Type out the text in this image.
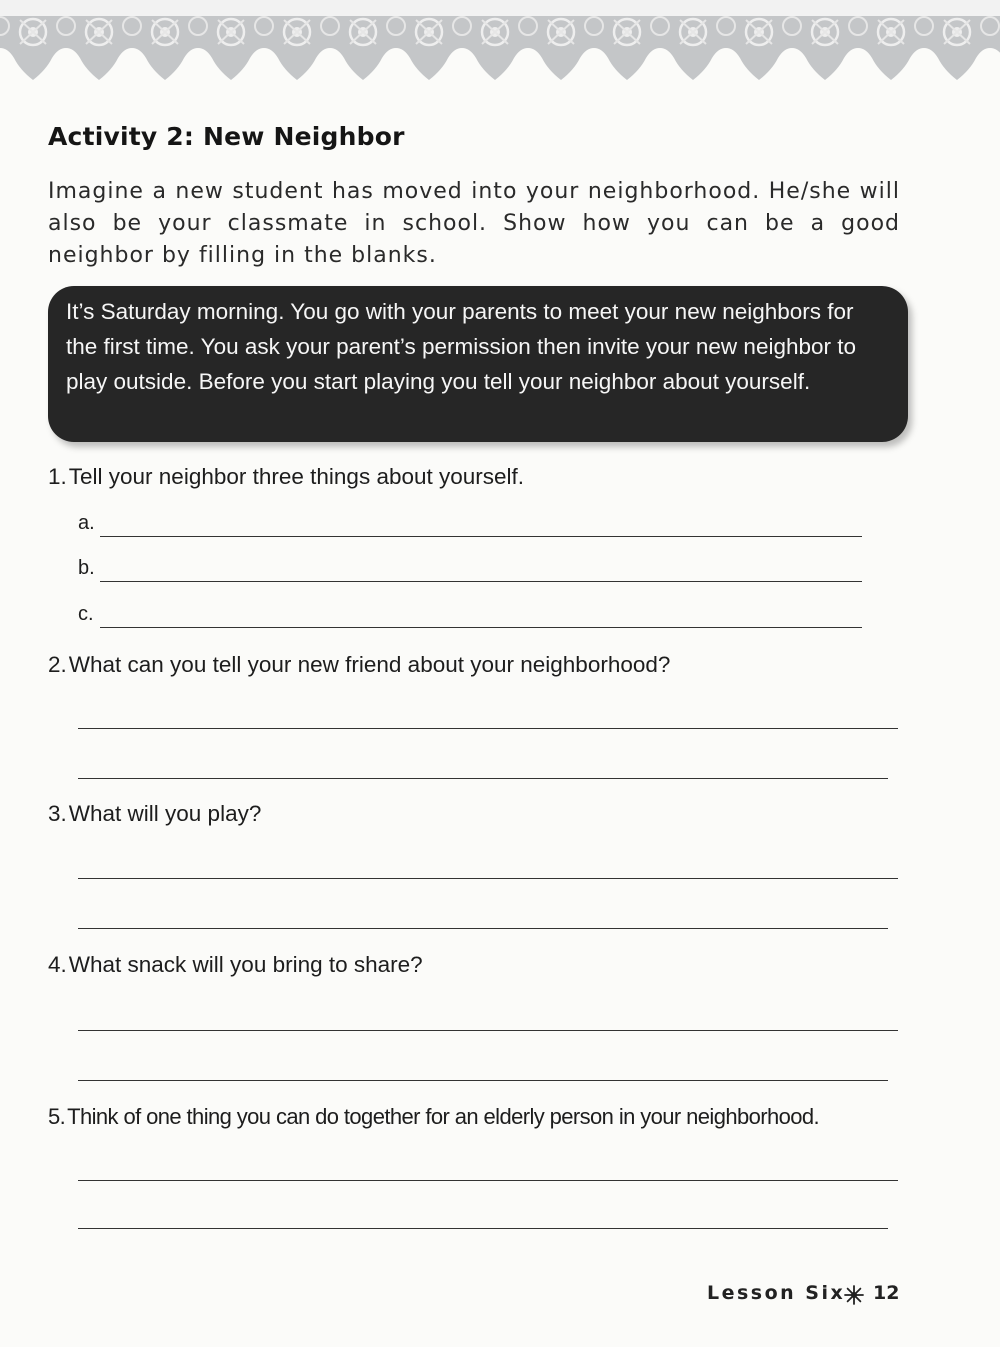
Activity 2: New Neighbor
Imagine a new student has moved into your neighborhood. He/she will also be your classmate in school. Show how you can be a good neighbor by filling in the blanks.
It’s Saturday morning. You go with your parents to meet your new neighbors for the first time. You ask your parent’s permission then invite your new neighbor to play outside. Before you start playing you tell your neighbor about yourself.
1.Tell your neighbor three things about yourself.
a.
b.
c.
2.What can you tell your new friend about your neighborhood?
3.What will you play?
4.What snack will you bring to share?
5.Think of one thing you can do together for an elderly person in your neighborhood.
Lesson Six 12
